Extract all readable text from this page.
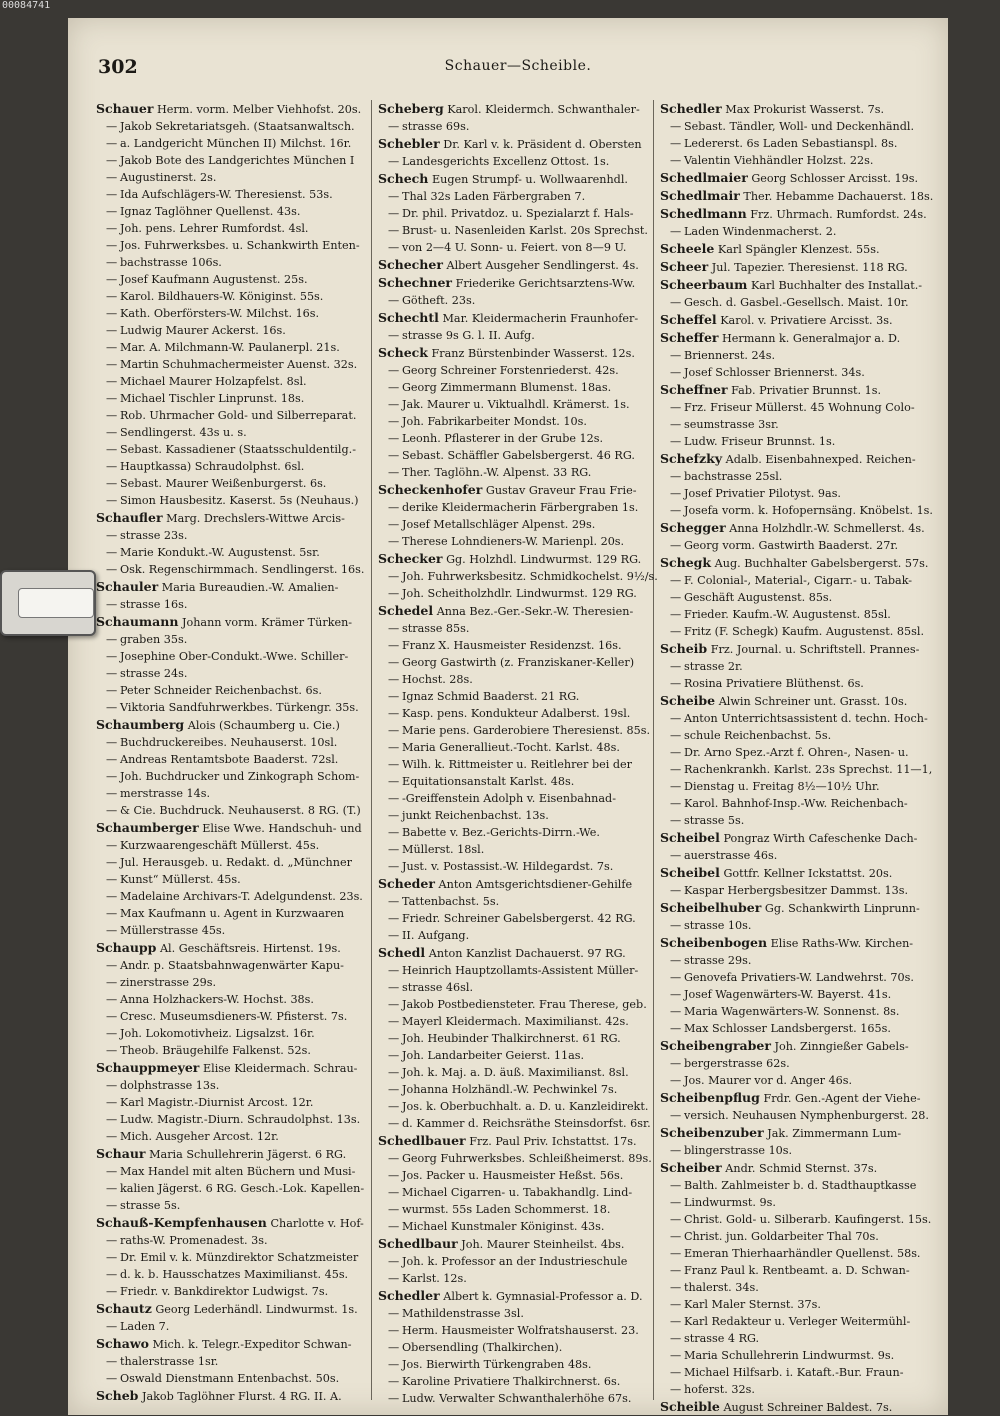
00084741
302	Schauer—Scheible.
Schauer Herm. vorm. Melber Viehhofst. 20s.
— Jakob Sekretariatsgeh. (Staatsanwaltsch.
— a. Landgericht München II) Milchst. 16r.
— Jakob Bote des Landgerichtes München I
— Augustinerst. 2s.
— Ida Aufschlägers-W. Theresienst. 53s.
— Ignaz Taglöhner Quellenst. 43s.
— Joh. pens. Lehrer Rumfordst. 4sl.
— Jos. Fuhrwerksbes. u. Schankwirth Enten-
— bachstrasse 106s.
— Josef Kaufmann Augustenst. 25s.
— Karol. Bildhauers-W. Königinst. 55s.
— Kath. Oberförsters-W. Milchst. 16s.
— Ludwig Maurer Ackerst. 16s.
— Mar. A. Milchmann-W. Paulanerpl. 21s.
— Martin Schuhmachermeister Auenst. 32s.
— Michael Maurer Holzapfelst. 8sl.
— Michael Tischler Linprunst. 18s.
— Rob. Uhrmacher Gold- und Silberreparat.
— Sendlingerst. 43s u. s.
— Sebast. Kassadiener (Staatsschuldentilg.-
— Hauptkassa) Schraudolphst. 6sl.
— Sebast. Maurer Weißenburgerst. 6s.
— Simon Hausbesitz. Kaserst. 5s (Neuhaus.)
Schaufler Marg. Drechslers-Wittwe Arcis-
— strasse 23s.
— Marie Kondukt.-W. Augustenst. 5sr.
— Osk. Regenschirmmach. Sendlingerst. 16s.
Schauler Maria Bureaudien.-W. Amalien-
— strasse 16s.
Schaumann Johann vorm. Krämer Türken-
— graben 35s.
— Josephine Ober-Condukt.-Wwe. Schiller-
— strasse 24s.
— Peter Schneider Reichenbachst. 6s.
— Viktoria Sandfuhrwerkbes. Türkengr. 35s.
Schaumberg Alois (Schaumberg u. Cie.)
— Buchdruckereibes. Neuhauserst. 10sl.
— Andreas Rentamtsbote Baaderst. 72sl.
— Joh. Buchdrucker und Zinkograph Schom-
— merstrasse 14s.
— & Cie. Buchdruck. Neuhauserst. 8 RG. (T.)
Schaumberger Elise Wwe. Handschuh- und
— Kurzwaarengeschäft Müllerst. 45s.
— Jul. Herausgeb. u. Redakt. d. „Münchner
— Kunst“ Müllerst. 45s.
— Madelaine Archivars-T. Adelgundenst. 23s.
— Max Kaufmann u. Agent in Kurzwaaren
— Müllerstrasse 45s.
Schaupp Al. Geschäftsreis. Hirtenst. 19s.
— Andr. p. Staatsbahnwagenwärter Kapu-
— zinerstrasse 29s.
— Anna Holzhackers-W. Hochst. 38s.
— Cresc. Museumsdieners-W. Pfisterst. 7s.
— Joh. Lokomotivheiz. Ligsalzst. 16r.
— Theob. Bräugehilfe Falkenst. 52s.
Schauppmeyer Elise Kleidermach. Schrau-
— dolphstrasse 13s.
— Karl Magistr.-Diurnist Arcost. 12r.
— Ludw. Magistr.-Diurn. Schraudolphst. 13s.
— Mich. Ausgeher Arcost. 12r.
Schaur Maria Schullehrerin Jägerst. 6 RG.
— Max Handel mit alten Büchern und Musi-
— kalien Jägerst. 6 RG. Gesch.-Lok. Kapellen-
— strasse 5s.
Schauß-Kempfenhausen Charlotte v. Hof-
— raths-W. Promenadest. 3s.
— Dr. Emil v. k. Münzdirektor Schatzmeister
— d. k. b. Hausschatzes Maximilianst. 45s.
— Friedr. v. Bankdirektor Ludwigst. 7s.
Schautz Georg Lederhändl. Lindwurmst. 1s.
— Laden 7.
Schawo Mich. k. Telegr.-Expeditor Schwan-
— thalerstrasse 1sr.
— Oswald Dienstmann Entenbachst. 50s.
Scheb Jakob Taglöhner Flurst. 4 RG. II. A.
Scheberg Karol. Kleidermch. Schwanthaler-
— strasse 69s.
Schebler Dr. Karl v. k. Präsident d. Obersten
— Landesgerichts Excellenz Ottost. 1s.
Schech Eugen Strumpf- u. Wollwaarenhdl.
— Thal 32s Laden Färbergraben 7.
— Dr. phil. Privatdoz. u. Spezialarzt f. Hals-
— Brust- u. Nasenleiden Karlst. 20s Sprechst.
— von 2—4 U. Sonn- u. Feiert. von 8—9 U.
Schecher Albert Ausgeher Sendlingerst. 4s.
Schechner Friederike Gerichtsarztens-Ww.
— Götheft. 23s.
Schechtl Mar. Kleidermacherin Fraunhofer-
— strasse 9s G. l. II. Aufg.
Scheck Franz Bürstenbinder Wasserst. 12s.
— Georg Schreiner Forstenriederst. 42s.
— Georg Zimmermann Blumenst. 18as.
— Jak. Maurer u. Viktualhdl. Krämerst. 1s.
— Joh. Fabrikarbeiter Mondst. 10s.
— Leonh. Pflasterer in der Grube 12s.
— Sebast. Schäffler Gabelsbergerst. 46 RG.
— Ther. Taglöhn.-W. Alpenst. 33 RG.
Scheckenhofer Gustav Graveur Frau Frie-
— derike Kleidermacherin Färbergraben 1s.
— Josef Metallschläger Alpenst. 29s.
— Therese Lohndieners-W. Marienpl. 20s.
Schecker Gg. Holzhdl. Lindwurmst. 129 RG.
— Joh. Fuhrwerksbesitz. Schmidkochelst. 9½/s.
— Joh. Scheitholzhdlr. Lindwurmst. 129 RG.
Schedel Anna Bez.-Ger.-Sekr.-W. Theresien-
— strasse 85s.
— Franz X. Hausmeister Residenzst. 16s.
— Georg Gastwirth (z. Franziskaner-Keller)
— Hochst. 28s.
— Ignaz Schmid Baaderst. 21 RG.
— Kasp. pens. Kondukteur Adalberst. 19sl.
— Marie pens. Garderobiere Theresienst. 85s.
— Maria Generallieut.-Tocht. Karlst. 48s.
— Wilh. k. Rittmeister u. Reitlehrer bei der
— Equitationsanstalt Karlst. 48s.
— -Greiffenstein Adolph v. Eisenbahnad-
— junkt Reichenbachst. 13s.
— Babette v. Bez.-Gerichts-Dirrn.-We.
— Müllerst. 18sl.
— Just. v. Postassist.-W. Hildegardst. 7s.
Scheder Anton Amtsgerichtsdiener-Gehilfe
— Tattenbachst. 5s.
— Friedr. Schreiner Gabelsbergerst. 42 RG.
— II. Aufgang.
Schedl Anton Kanzlist Dachauerst. 97 RG.
— Heinrich Hauptzollamts-Assistent Müller-
— strasse 46sl.
— Jakob Postbediensteter. Frau Therese, geb.
— Mayerl Kleidermach. Maximilianst. 42s.
— Joh. Heubinder Thalkirchnerst. 61 RG.
— Joh. Landarbeiter Geierst. 11as.
— Joh. k. Maj. a. D. äuß. Maximilianst. 8sl.
— Johanna Holzhändl.-W. Pechwinkel 7s.
— Jos. k. Oberbuchhalt. a. D. u. Kanzleidirekt.
— d. Kammer d. Reichsräthe Steinsdorfst. 6sr.
Schedlbauer Frz. Paul Priv. Ichstattst. 17s.
— Georg Fuhrwerksbes. Schleißheimerst. 89s.
— Jos. Packer u. Hausmeister Heßst. 56s.
— Michael Cigarren- u. Tabakhandlg. Lind-
— wurmst. 55s Laden Schommerst. 18.
— Michael Kunstmaler Königinst. 43s.
Schedlbaur Joh. Maurer Steinheilst. 4bs.
— Joh. k. Professor an der Industrieschule
— Karlst. 12s.
Schedler Albert k. Gymnasial-Professor a. D.
— Mathildenstrasse 3sl.
— Herm. Hausmeister Wolfratshauserst. 23.
— Obersendling (Thalkirchen).
— Jos. Bierwirth Türkengraben 48s.
— Karoline Privatiere Thalkirchnerst. 6s.
— Ludw. Verwalter Schwanthalerhöhe 67s.
Schedler Max Prokurist Wasserst. 7s.
— Sebast. Tändler, Woll- und Deckenhändl.
— Ledererst. 6s Laden Sebastianspl. 8s.
— Valentin Viehhändler Holzst. 22s.
Schedlmaier Georg Schlosser Arcisst. 19s.
Schedlmair Ther. Hebamme Dachauerst. 18s.
Schedlmann Frz. Uhrmach. Rumfordst. 24s.
— Laden Windenmacherst. 2.
Scheele Karl Spängler Klenzest. 55s.
Scheer Jul. Tapezier. Theresienst. 118 RG.
Scheerbaum Karl Buchhalter des Installat.-
— Gesch. d. Gasbel.-Gesellsch. Maist. 10r.
Scheffel Karol. v. Privatiere Arcisst. 3s.
Scheffer Hermann k. Generalmajor a. D.
— Briennerst. 24s.
— Josef Schlosser Briennerst. 34s.
Scheffner Fab. Privatier Brunnst. 1s.
— Frz. Friseur Müllerst. 45 Wohnung Colo-
— seumstrasse 3sr.
— Ludw. Friseur Brunnst. 1s.
Schefzky Adalb. Eisenbahnexped. Reichen-
— bachstrasse 25sl.
— Josef Privatier Pilotyst. 9as.
— Josefa vorm. k. Hofopernsäng. Knöbelst. 1s.
Schegger Anna Holzhdlr.-W. Schmellerst. 4s.
— Georg vorm. Gastwirth Baaderst. 27r.
Schegk Aug. Buchhalter Gabelsbergerst. 57s.
— F. Colonial-, Material-, Cigarr.- u. Tabak-
— Geschäft Augustenst. 85s.
— Frieder. Kaufm.-W. Augustenst. 85sl.
— Fritz (F. Schegk) Kaufm. Augustenst. 85sl.
Scheib Frz. Journal. u. Schriftstell. Prannes-
— strasse 2r.
— Rosina Privatiere Blüthenst. 6s.
Scheibe Alwin Schreiner unt. Grasst. 10s.
— Anton Unterrichtsassistent d. techn. Hoch-
— schule Reichenbachst. 5s.
— Dr. Arno Spez.-Arzt f. Ohren-, Nasen- u.
— Rachenkrankh. Karlst. 23s Sprechst. 11—1,
— Dienstag u. Freitag 8½—10½ Uhr.
— Karol. Bahnhof-Insp.-Ww. Reichenbach-
— strasse 5s.
Scheibel Pongraz Wirth Cafeschenke Dach-
— auerstrasse 46s.
Scheibel Gottfr. Kellner Ickstattst. 20s.
— Kaspar Herbergsbesitzer Dammst. 13s.
Scheibelhuber Gg. Schankwirth Linprunn-
— strasse 10s.
Scheibenbogen Elise Raths-Ww. Kirchen-
— strasse 29s.
— Genovefa Privatiers-W. Landwehrst. 70s.
— Josef Wagenwärters-W. Bayerst. 41s.
— Maria Wagenwärters-W. Sonnenst. 8s.
— Max Schlosser Landsbergerst. 165s.
Scheibengraber Joh. Zinngießer Gabels-
— bergerstrasse 62s.
— Jos. Maurer vor d. Anger 46s.
Scheibenpflug Frdr. Gen.-Agent der Viehe-
— versich. Neuhausen Nymphenburgerst. 28.
Scheibenzuber Jak. Zimmermann Lum-
— blingerstrasse 10s.
Scheiber Andr. Schmid Sternst. 37s.
— Balth. Zahlmeister b. d. Stadthauptkasse
— Lindwurmst. 9s.
— Christ. Gold- u. Silberarb. Kaufingerst. 15s.
— Christ. jun. Goldarbeiter Thal 70s.
— Emeran Thierhaarhändler Quellenst. 58s.
— Franz Paul k. Rentbeamt. a. D. Schwan-
— thalerst. 34s.
— Karl Maler Sternst. 37s.
— Karl Redakteur u. Verleger Weitermühl-
— strasse 4 RG.
— Maria Schullehrerin Lindwurmst. 9s.
— Michael Hilfsarb. i. Kataft.-Bur. Fraun-
— hoferst. 32s.
Scheible August Schreiner Baldest. 7s.
